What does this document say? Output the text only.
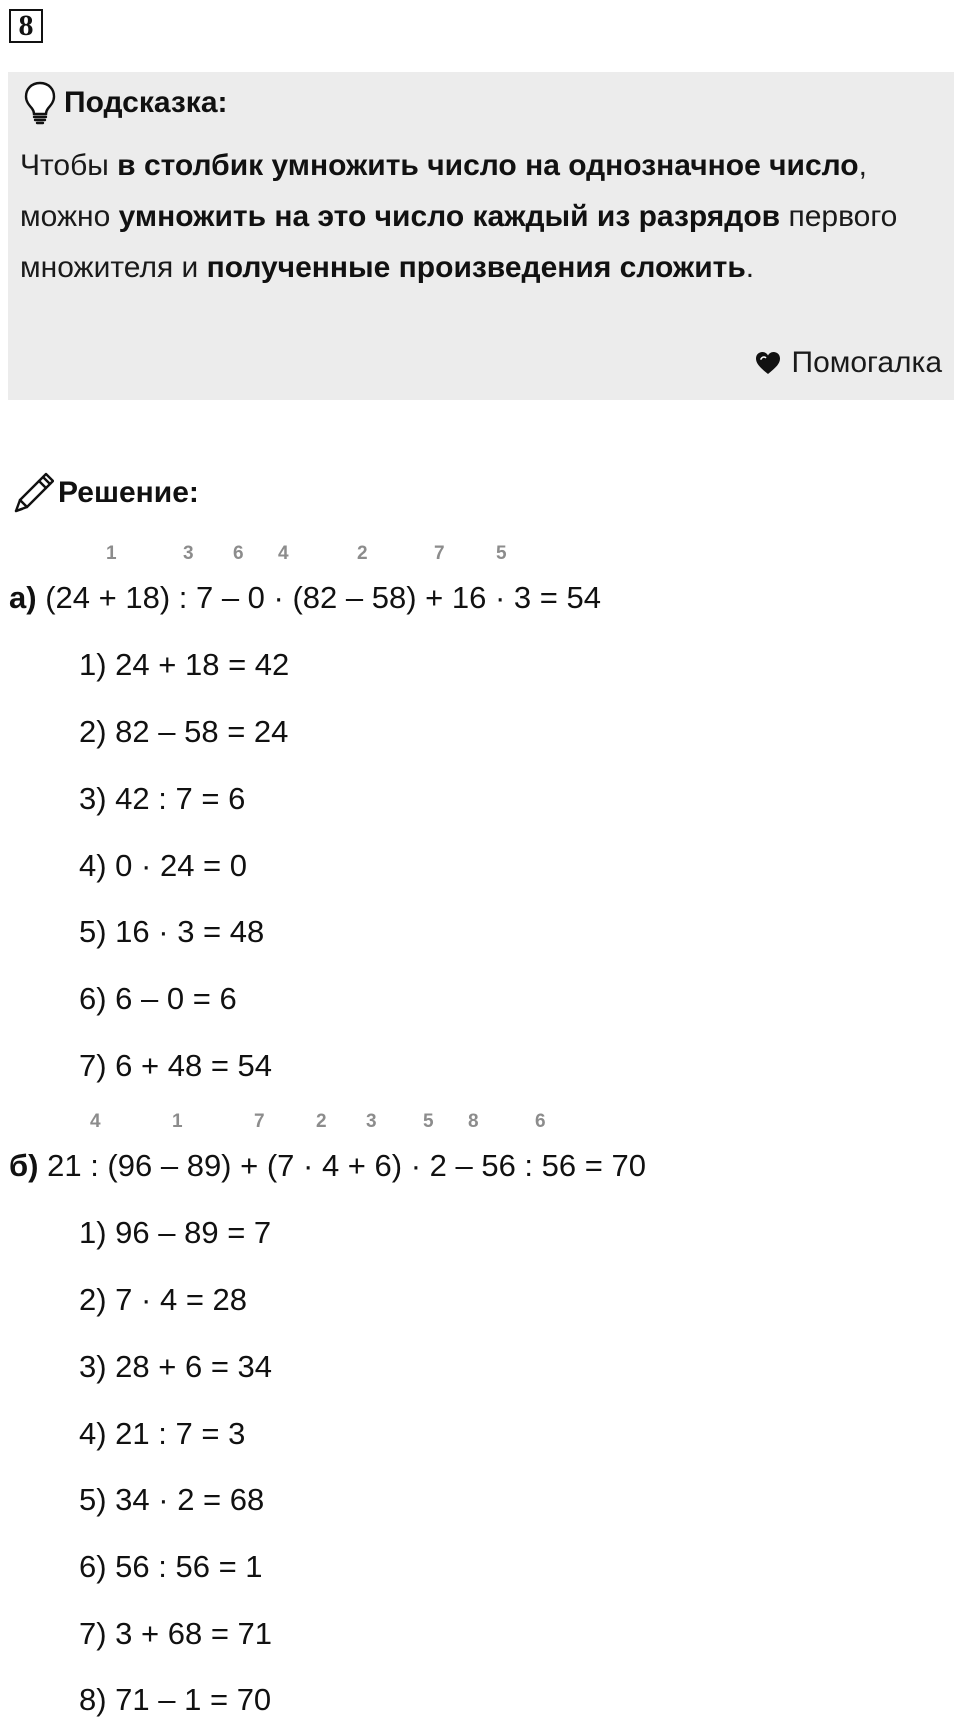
8
Подсказка:
Чтобы в столбик умножить число на однозначное число, можно умножить на это число каждый из разрядов первого множителя и полученные произведения сложить.
Помогалка
Решение:
1	3 6 4	2	7	5
а) (24 + 18) : 7 – 0 · (82 – 58) + 16 · 3 = 54
1) 24 + 18 = 42
2) 82 – 58 = 24
3) 42 : 7 = 6
4) 0 · 24 = 0
5) 16 · 3 = 48
6) 6 – 0 = 6
7) 6 + 48 = 54
4	1	7	2 3 5 8	6
б) 21 : (96 – 89) + (7 · 4 + 6) · 2 – 56 : 56 = 70
1) 96 – 89 = 7
2) 7 · 4 = 28
3) 28 + 6 = 34
4) 21 : 7 = 3
5) 34 · 2 = 68
6) 56 : 56 = 1
7) 3 + 68 = 71
8) 71 – 1 = 70
